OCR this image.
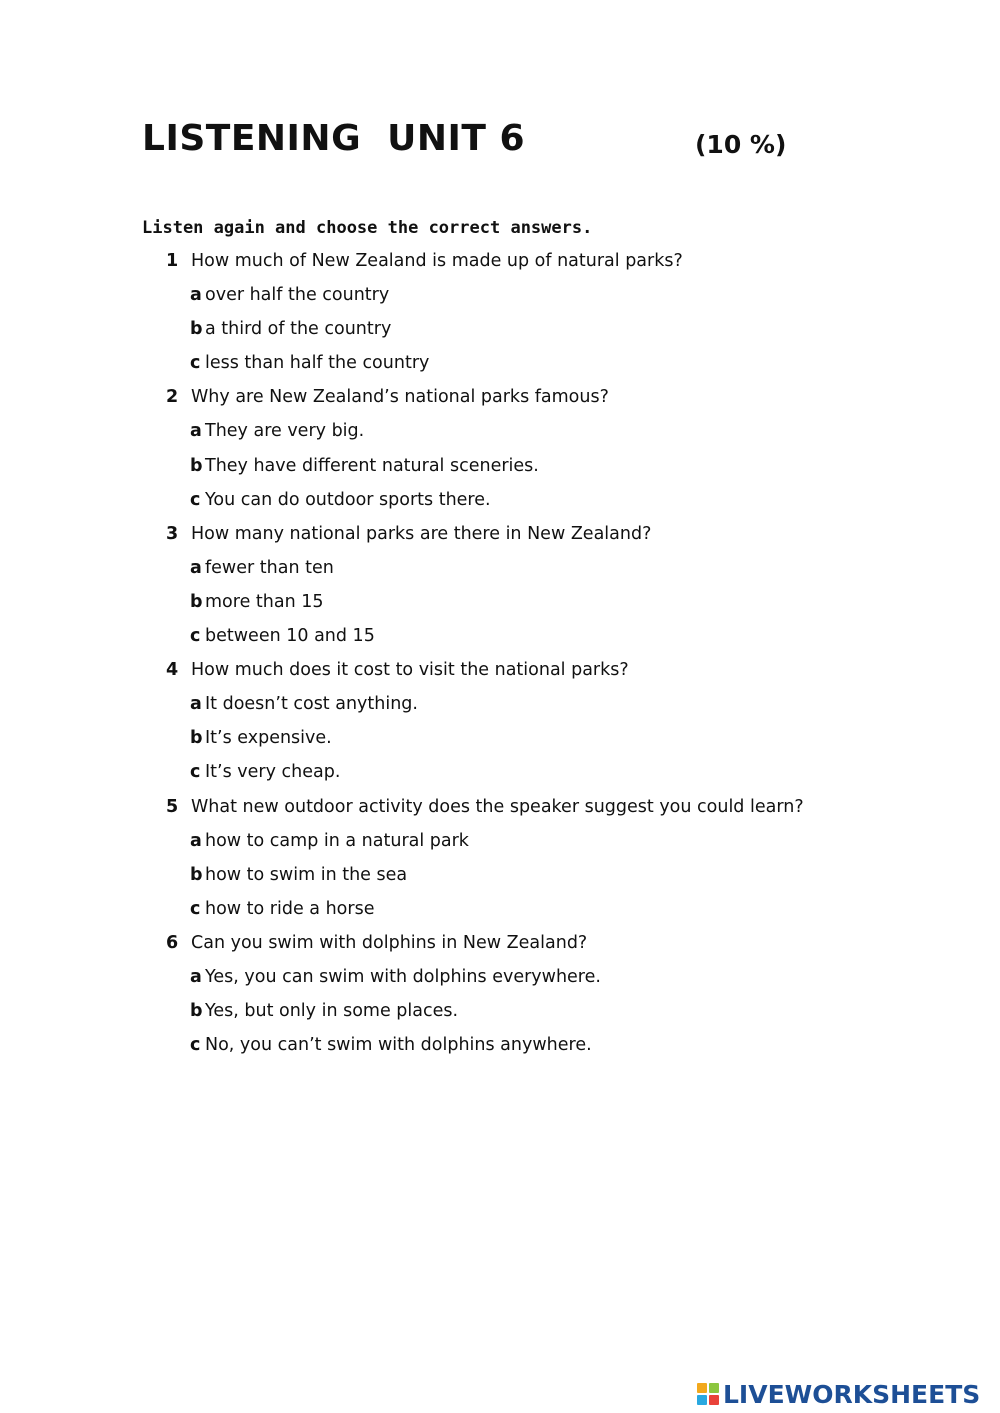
LISTENING  UNIT 6	(10 %)

Listen again and choose the correct answers.

1 How much of New Zealand is made up of natural parks?
a over half the country
b a third of the country
c less than half the country
2 Why are New Zealand’s national parks famous?
a They are very big.
b They have different natural sceneries.
c You can do outdoor sports there.
3 How many national parks are there in New Zealand?
a fewer than ten
b more than 15
c between 10 and 15
4 How much does it cost to visit the national parks?
a It doesn’t cost anything.
b It’s expensive.
c It’s very cheap.
5 What new outdoor activity does the speaker suggest you could learn?
a how to camp in a natural park
b how to swim in the sea
c how to ride a horse
6 Can you swim with dolphins in New Zealand?
a Yes, you can swim with dolphins everywhere.
b Yes, but only in some places.
c No, you can’t swim with dolphins anywhere.
LIVEWORKSHEETS
